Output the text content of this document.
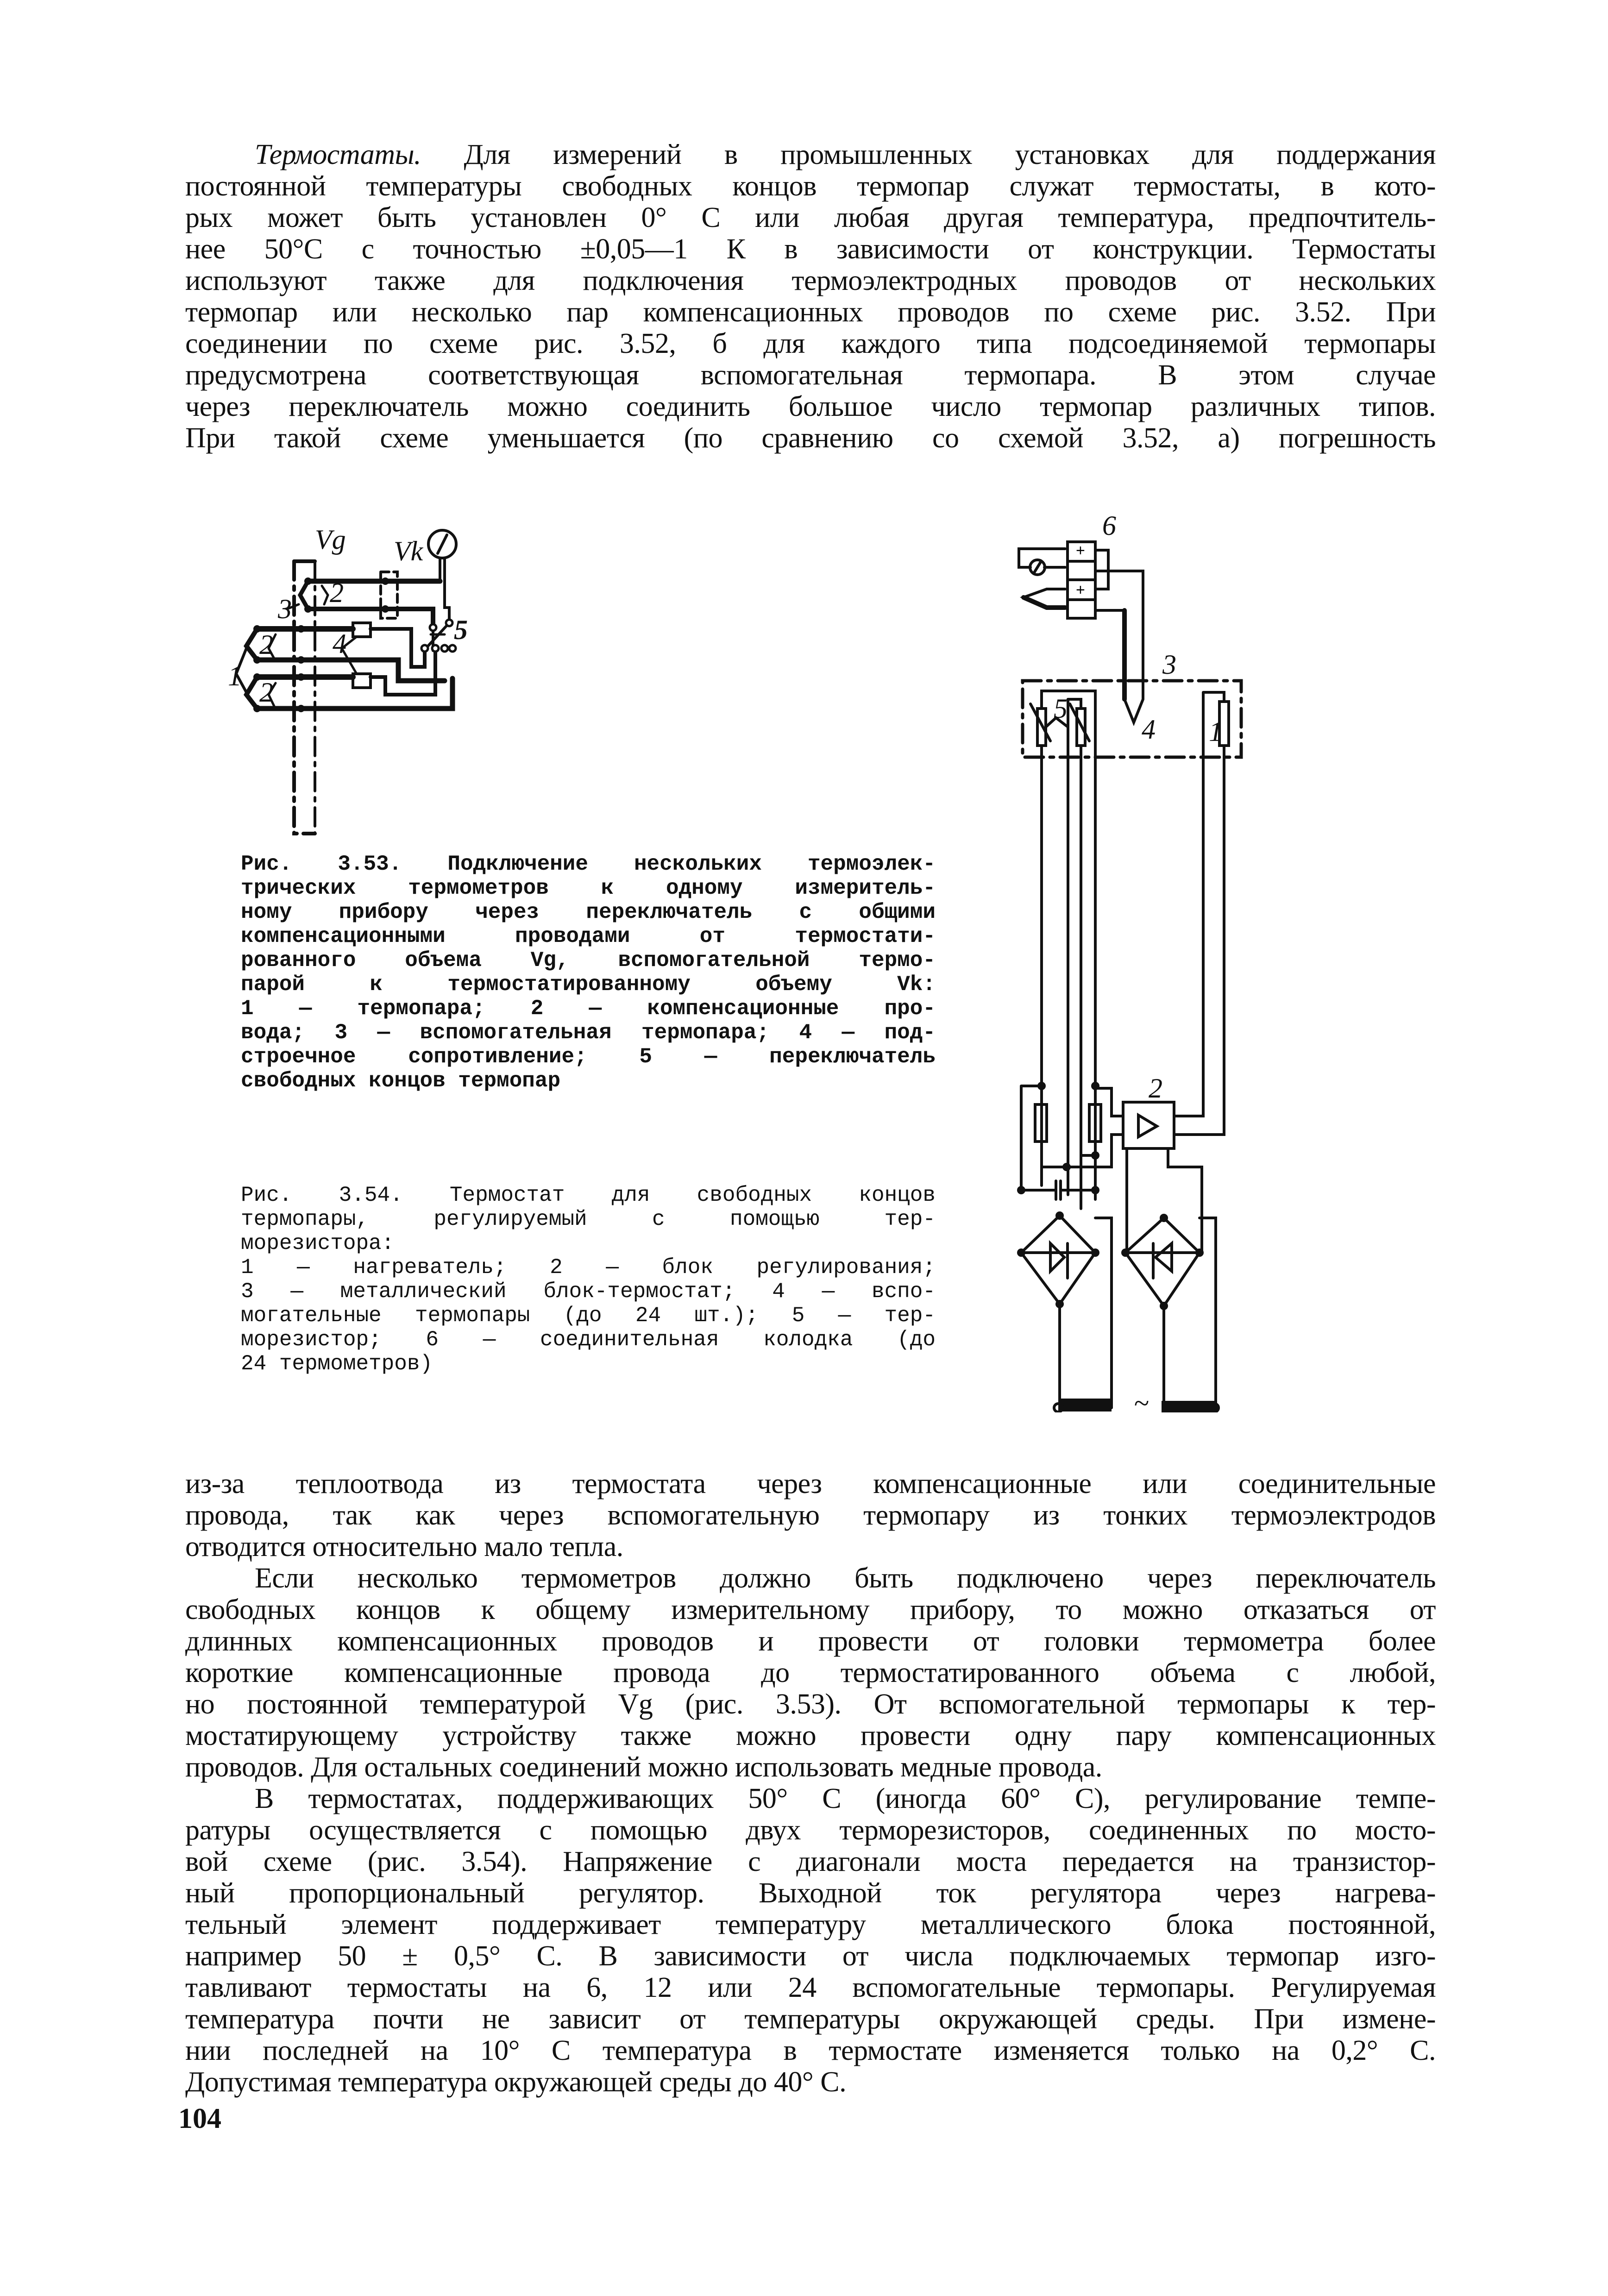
Термостаты. Для измерений в промышленных установках для поддержания
постоянной температуры свободных концов термопар служат термостаты, в кото-
рых может быть установлен 0° С или любая другая температура, предпочтитель-
нее 50°С с точностью ±0,05—1 К в зависимости от конструкции. Термостаты
используют также для подключения термоэлектродных проводов от нескольких
термопар или несколько пар компенсационных проводов по схеме рис. 3.52. При
соединении по схеме рис. 3.52, б для каждого типа подсоединяемой термопары
предусмотрена соответствующая вспомогательная термопара. В этом случае
через переключатель можно соединить большое число термопар различных типов.
При такой схеме уменьшается (по сравнению со схемой 3.52, а) погрешность
Vg Vk
3
2
2
2
1
4	5
Рис. 3.53. Подключение нескольких термоэлек-
трических термометров к одному измеритель-
ному прибору через переключатель с общими
компенсационными проводами от термостати-
рованного объема Vg, вспомогательной термо-
парой к термостатированному объему Vk:
1 — термопара; 2 — компенсационные про-
вода; 3 — вспомогательная термопара; 4 — под-
строечное сопротивление; 5 — переключатель
свободных концов термопар
Рис. 3.54. Термостат для свободных концов
термопары, регулируемый с помощью тер-
морезистора:
1 — нагреватель; 2 — блок регулирования;
3 — металлический блок-термостат; 4 — вспо-
могательные термопары (до 24 шт.); 5 — тер-
морезистор; 6 — соединительная колодка (до
24 термометров)
6
3
5
4 1
2
~
+
+
из-за теплоотвода из термостата через компенсационные или соединительные
провода, так как через вспомогательную термопару из тонких термоэлектродов
отводится относительно мало тепла.
Если несколько термометров должно быть подключено через переключатель
свободных концов к общему измерительному прибору, то можно отказаться от
длинных компенсационных проводов и провести от головки термометра более
короткие компенсационные провода до термостатированного объема с любой,
но постоянной температурой Vg (рис. 3.53). От вспомогательной термопары к тер-
мостатирующему устройству также можно провести одну пару компенсационных
проводов. Для остальных соединений можно использовать медные провода.
В термостатах, поддерживающих 50° С (иногда 60° С), регулирование темпе-
ратуры осуществляется с помощью двух терморезисторов, соединенных по мосто-
вой схеме (рис. 3.54). Напряжение с диагонали моста передается на транзистор-
ный пропорциональный регулятор. Выходной ток регулятора через нагрева-
тельный элемент поддерживает температуру металлического блока постоянной,
например 50 ± 0,5° С. В зависимости от числа подключаемых термопар изго-
тавливают термостаты на 6, 12 или 24 вспомогательные термопары. Регулируемая
температура почти не зависит от температуры окружающей среды. При измене-
нии последней на 10° С температура в термостате изменяется только на 0,2° С.
Допустимая температура окружающей среды до 40° С.
104
